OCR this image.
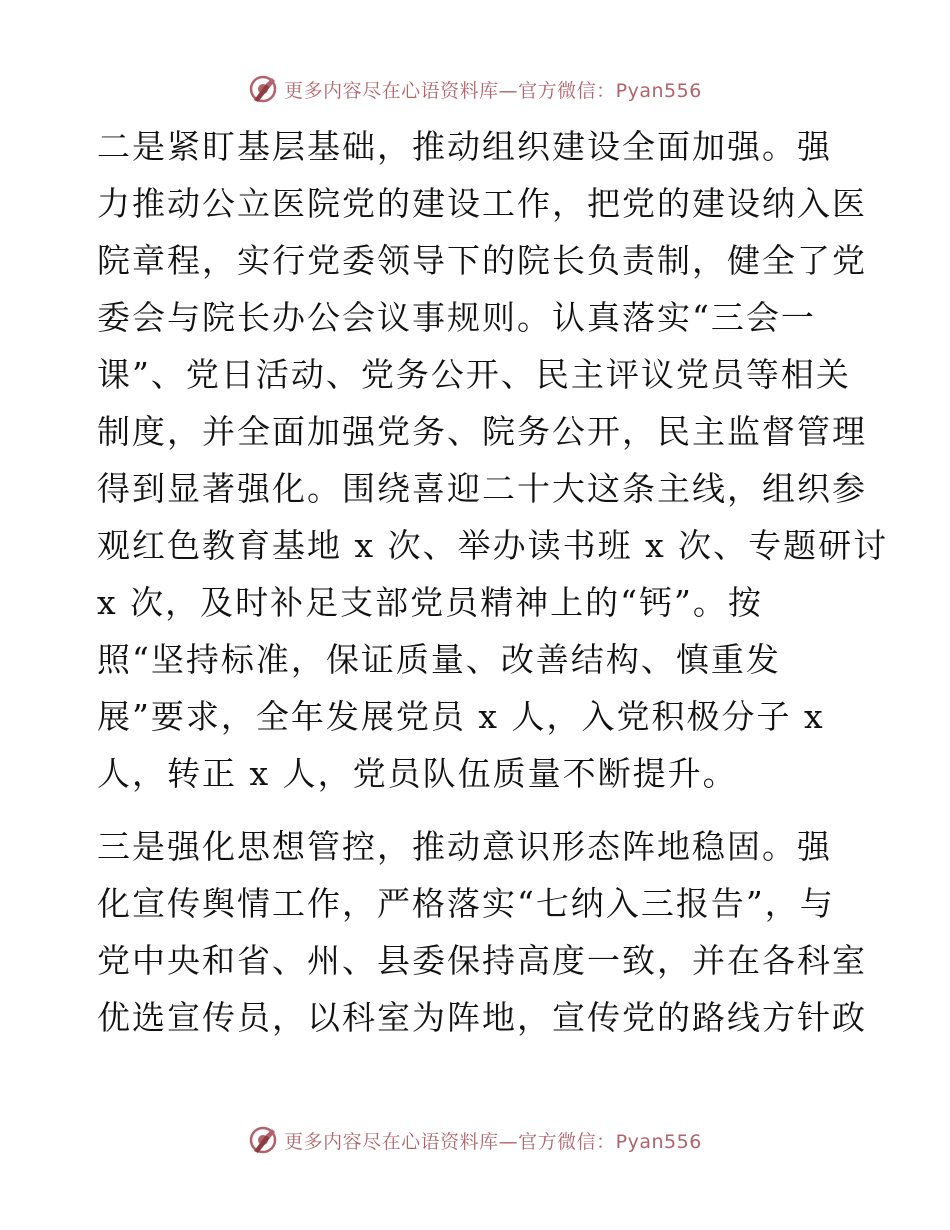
更多内容尽在心语资料库—官方微信：Pyan556

二是紧盯基层基础，推动组织建设全面加强。强
力推动公立医院党的建设工作，把党的建设纳入医
院章程，实行党委领导下的院长负责制，健全了党
委会与院长办公会议事规则。认真落实“三会一
课”、党日活动、党务公开、民主评议党员等相关
制度，并全面加强党务、院务公开，民主监督管理
得到显著强化。围绕喜迎二十大这条主线，组织参
观红色教育基地 x 次、举办读书班 x 次、专题研讨
x 次，及时补足支部党员精神上的“钙”。按
照“坚持标准，保证质量、改善结构、慎重发
展”要求，全年发展党员 x 人，入党积极分子 x
人，转正 x 人，党员队伍质量不断提升。

三是强化思想管控，推动意识形态阵地稳固。强
化宣传舆情工作，严格落实“七纳入三报告”，与
党中央和省、州、县委保持高度一致，并在各科室
优选宣传员，以科室为阵地，宣传党的路线方针政

更多内容尽在心语资料库—官方微信：Pyan556
